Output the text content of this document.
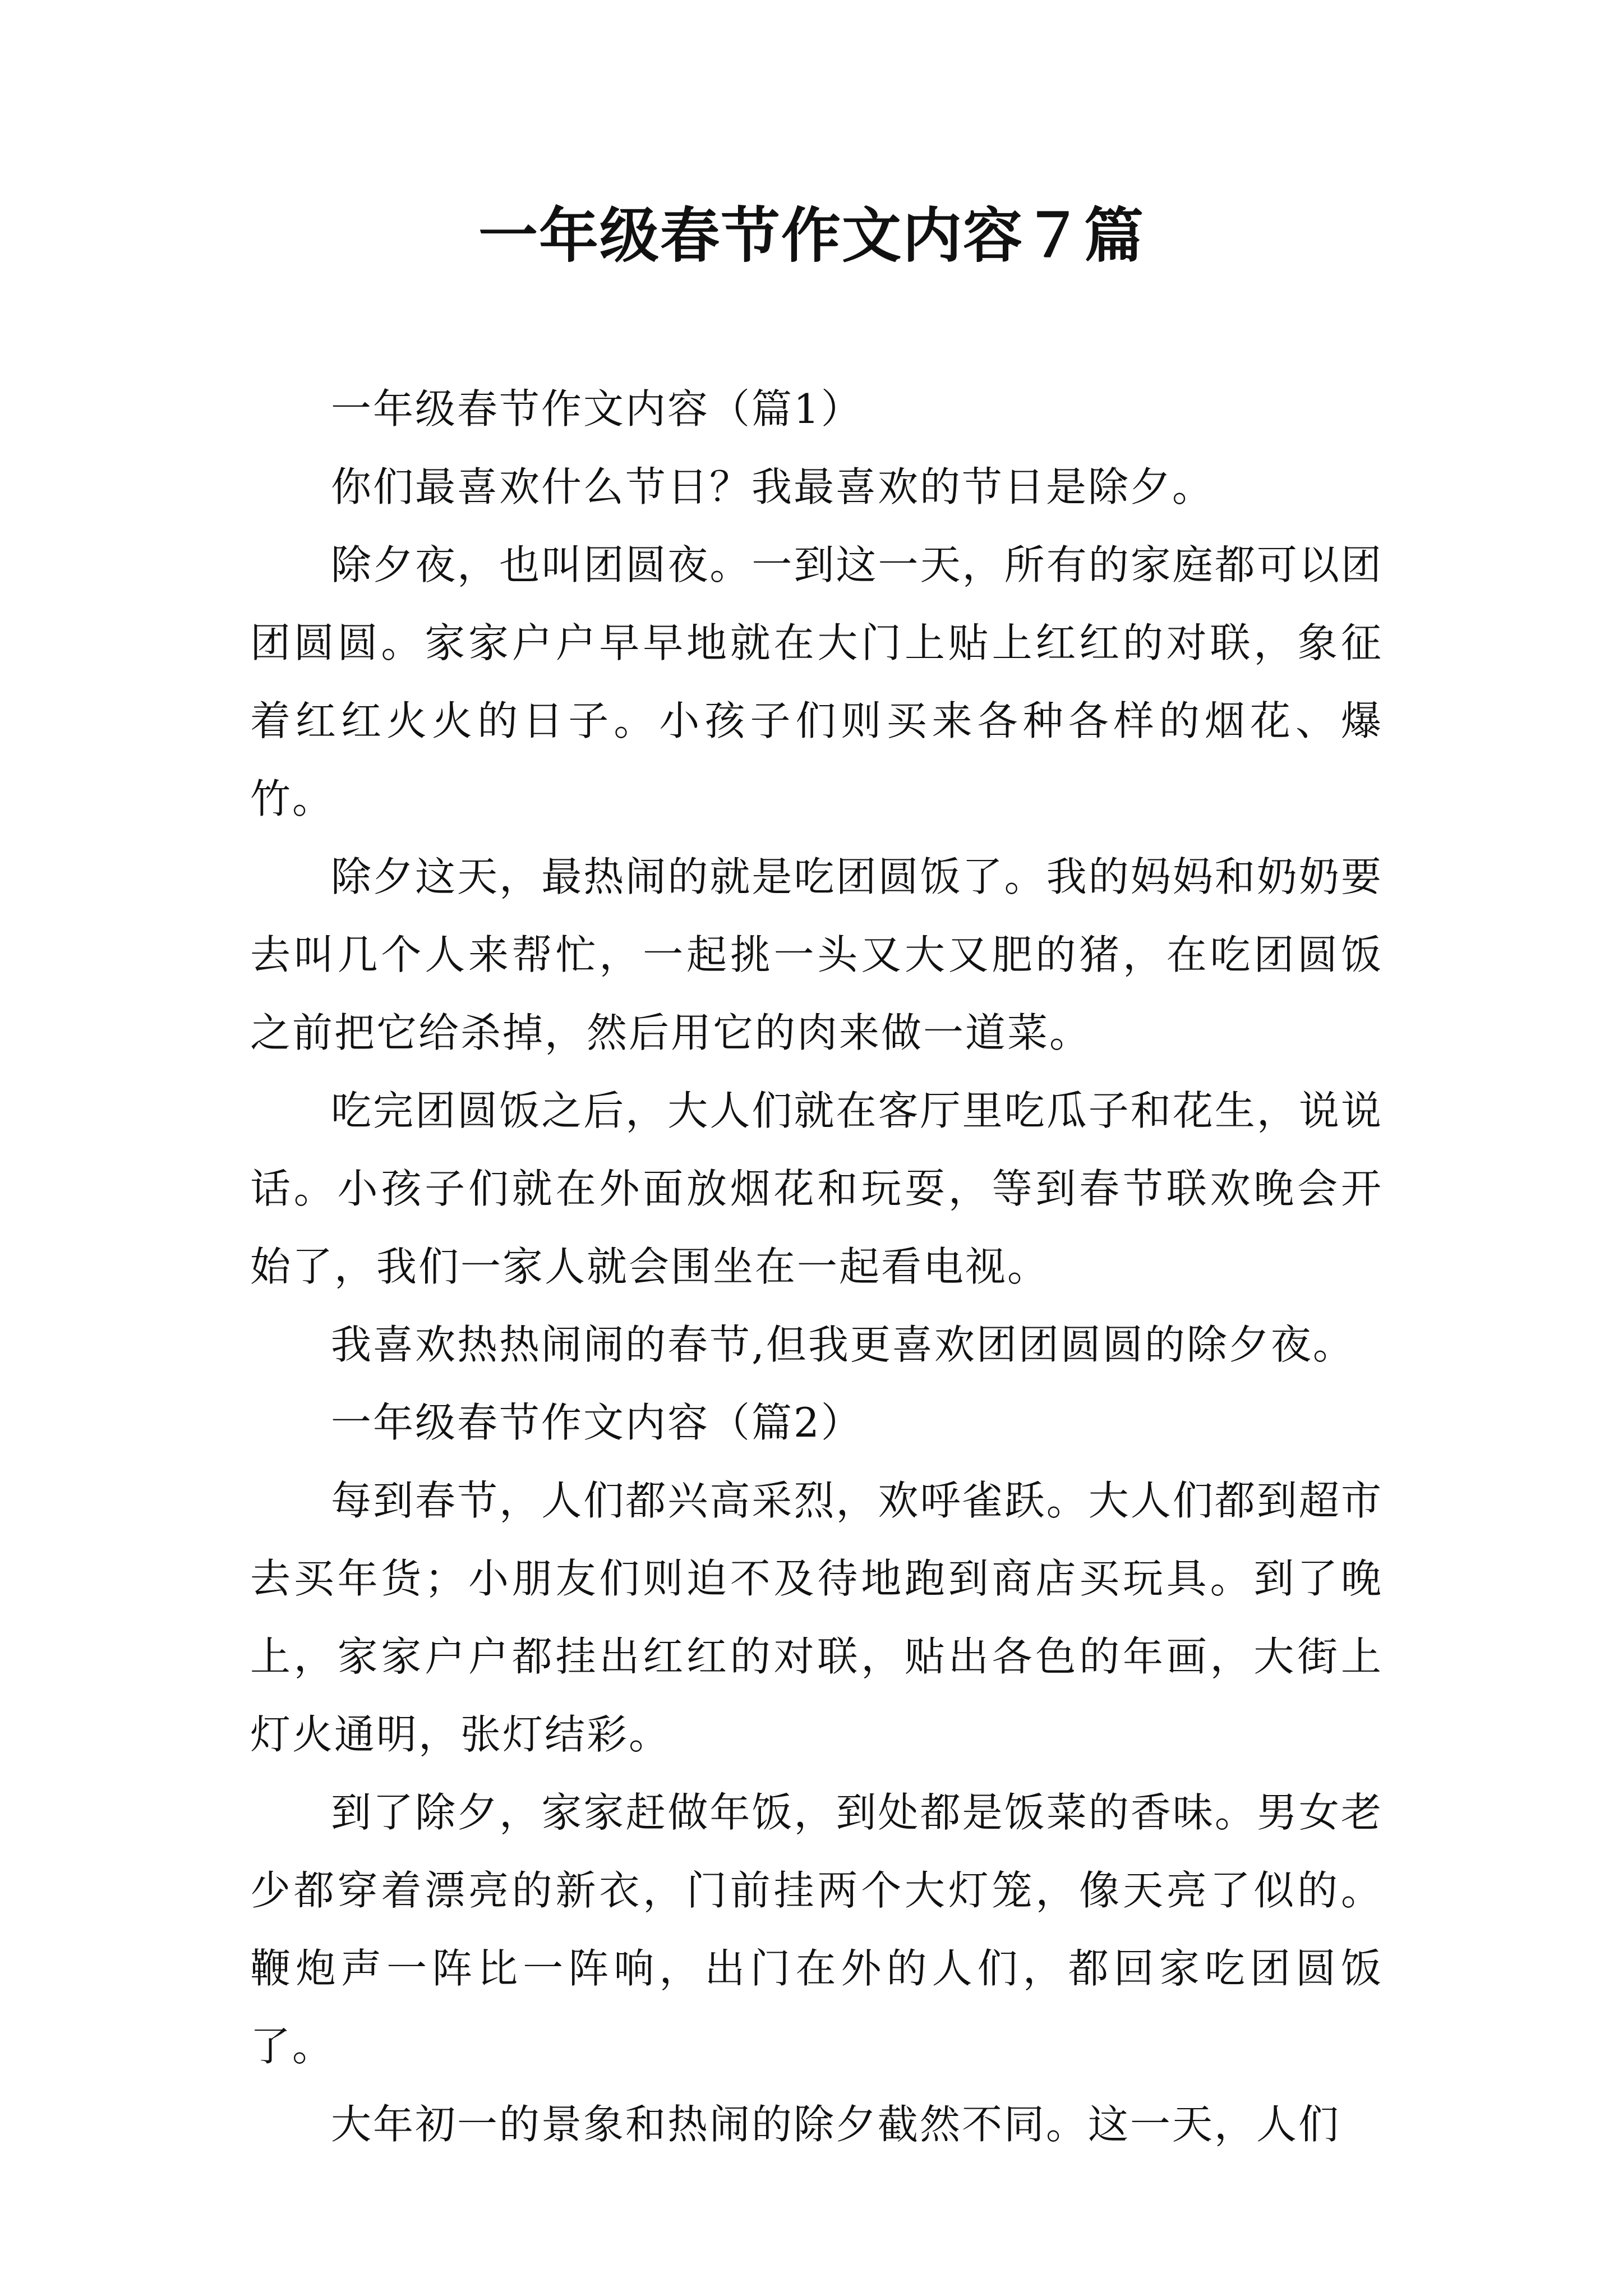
一年级春节作文内容７篇

一年级春节作文内容（篇1）

你们最喜欢什么节日？我最喜欢的节日是除夕。

除夕夜，也叫团圆夜。一到这一天，所有的家庭都可以团团圆圆。家家户户早早地就在大门上贴上红红的对联，象征着红红火火的日子。小孩子们则买来各种各样的烟花、爆竹。

除夕这天，最热闹的就是吃团圆饭了。我的妈妈和奶奶要去叫几个人来帮忙，一起挑一头又大又肥的猪，在吃团圆饭之前把它给杀掉，然后用它的肉来做一道菜。

吃完团圆饭之后，大人们就在客厅里吃瓜子和花生，说说话。小孩子们就在外面放烟花和玩耍，等到春节联欢晚会开始了，我们一家人就会围坐在一起看电视。

我喜欢热热闹闹的春节,但我更喜欢团团圆圆的除夕夜。

一年级春节作文内容（篇2）

每到春节，人们都兴高采烈，欢呼雀跃。大人们都到超市去买年货；小朋友们则迫不及待地跑到商店买玩具。到了晚上，家家户户都挂出红红的对联，贴出各色的年画，大街上灯火通明，张灯结彩。

到了除夕，家家赶做年饭，到处都是饭菜的香味。男女老少都穿着漂亮的新衣，门前挂两个大灯笼，像天亮了似的。鞭炮声一阵比一阵响，出门在外的人们，都回家吃团圆饭了。

大年初一的景象和热闹的除夕截然不同。这一天，人们
